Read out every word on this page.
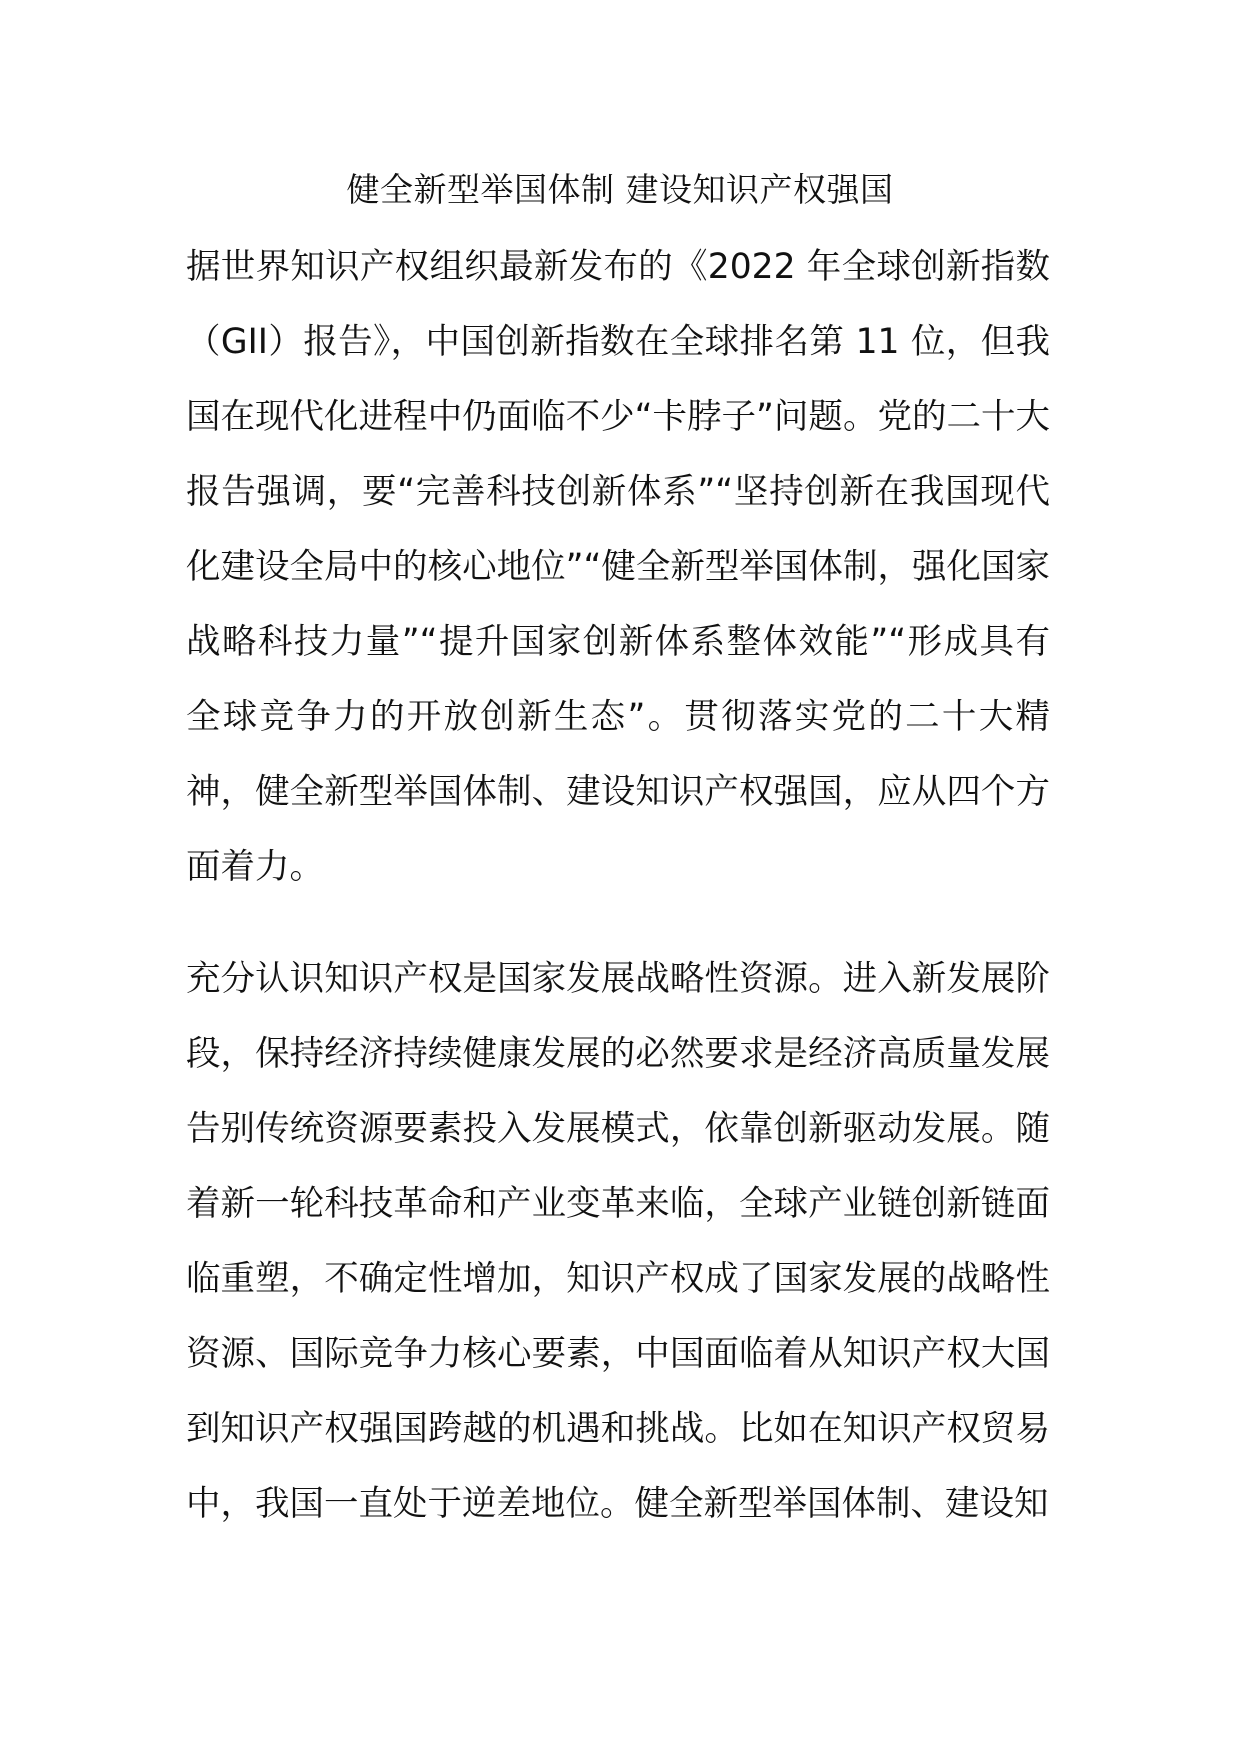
健全新型举国体制 建设知识产权强国

据世界知识产权组织最新发布的《2022 年全球创新指数（GII）报告》，中国创新指数在全球排名第 11 位，但我国在现代化进程中仍面临不少“卡脖子”问题。党的二十大报告强调，要“完善科技创新体系”“坚持创新在我国现代化建设全局中的核心地位”“健全新型举国体制，强化国家战略科技力量”“提升国家创新体系整体效能”“形成具有全球竞争力的开放创新生态”。贯彻落实党的二十大精神，健全新型举国体制、建设知识产权强国，应从四个方面着力。

充分认识知识产权是国家发展战略性资源。进入新发展阶段，保持经济持续健康发展的必然要求是经济高质量发展告别传统资源要素投入发展模式，依靠创新驱动发展。随着新一轮科技革命和产业变革来临，全球产业链创新链面临重塑，不确定性增加，知识产权成了国家发展的战略性资源、国际竞争力核心要素，中国面临着从知识产权大国到知识产权强国跨越的机遇和挑战。比如在知识产权贸易中，我国一直处于逆差地位。健全新型举国体制、建设知
